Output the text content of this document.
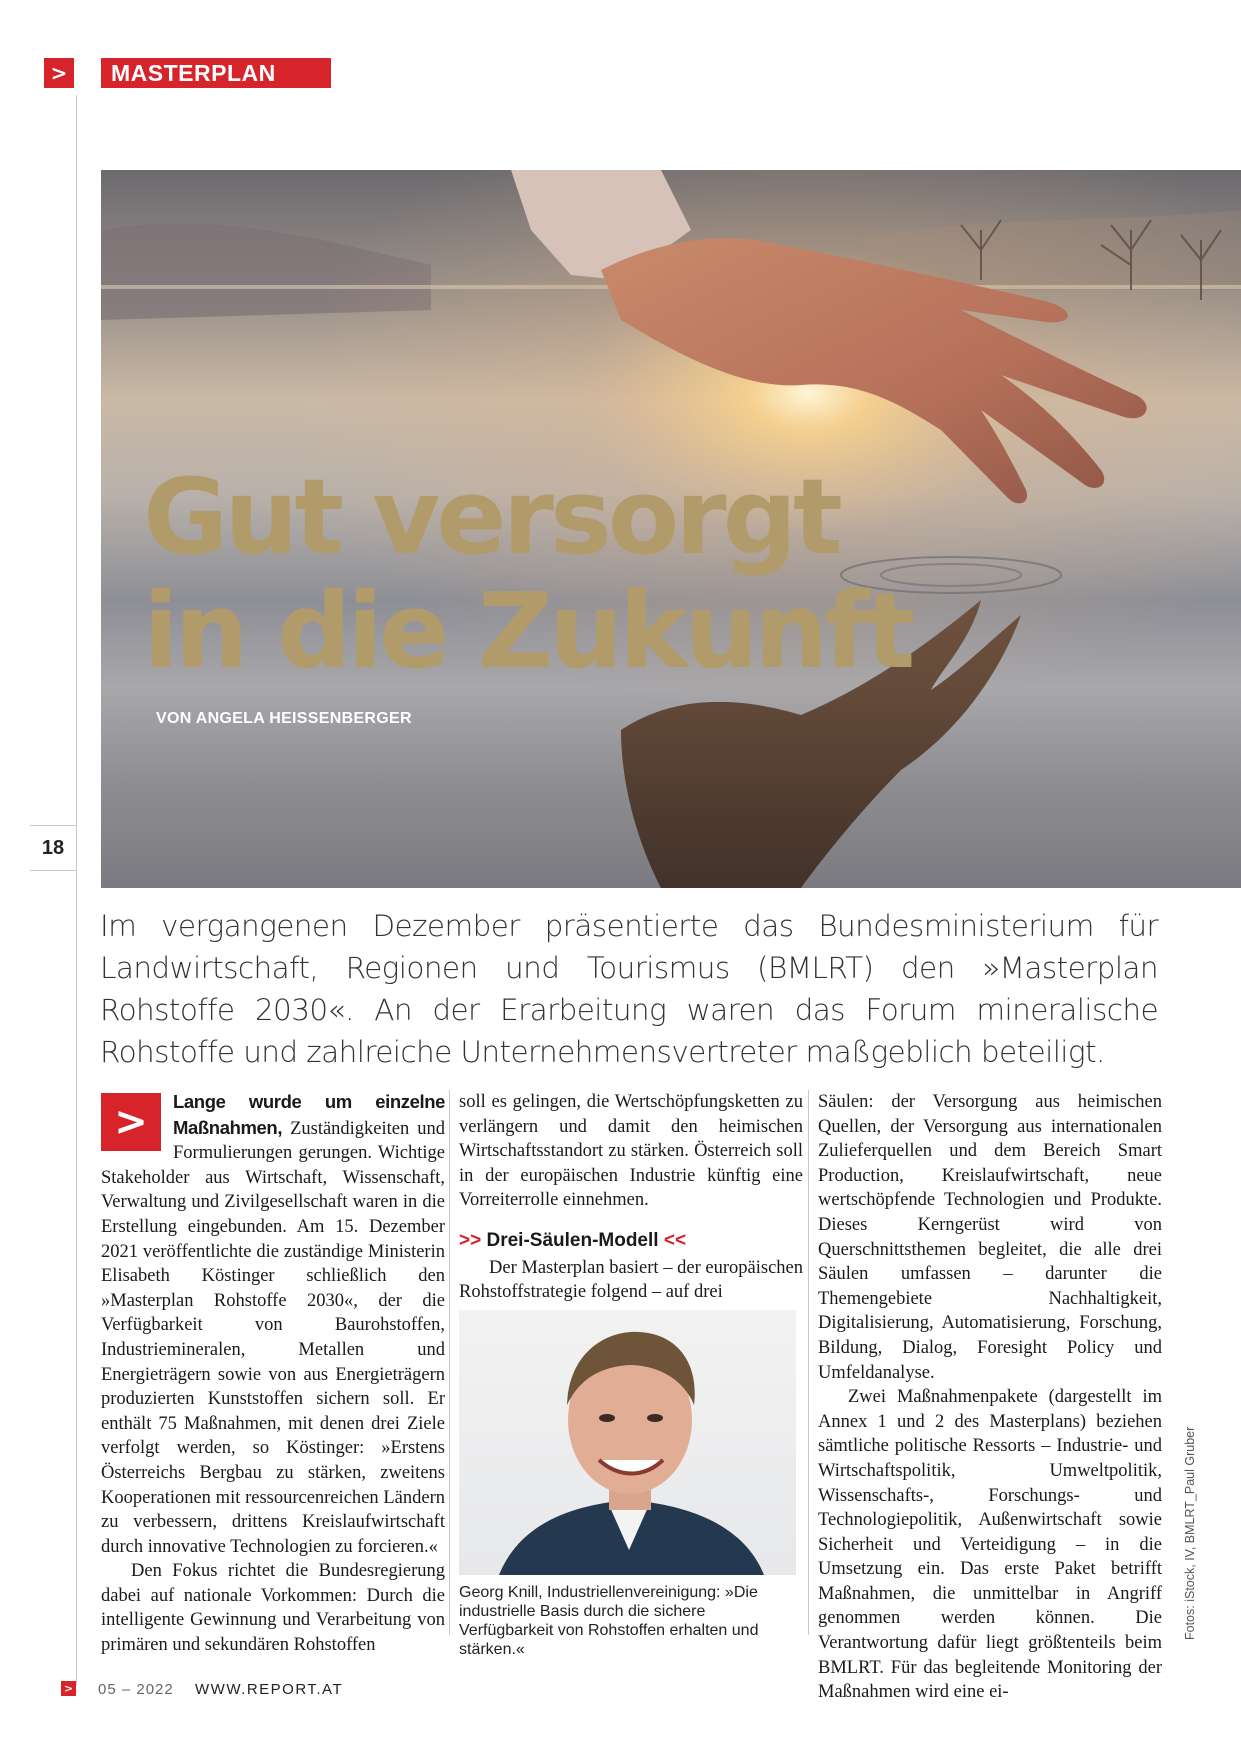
>	MASTERPLAN
18
Gut versorgt
in die Zukunft
VON ANGELA HEISSENBERGER
Im vergangenen Dezember präsentierte das Bundesministerium für Landwirtschaft, Regionen und Tourismus (BMLRT) den »Masterplan Rohstoffe 2030«. An der Erarbeitung waren das Forum mineralische Rohstoffe und zahlreiche Unternehmensvertreter maßgeblich beteiligt.

>	Lange wurde um einzelne Maßnahmen, Zuständigkeiten und Formulierungen gerungen. Wichtige Stakeholder aus Wirtschaft, Wissenschaft, Verwaltung und Zivilgesellschaft waren in die Erstellung eingebunden. Am 15. Dezember 2021 veröffentlichte die zuständige Ministerin Elisabeth Köstinger schließlich den »Masterplan Rohstoffe 2030«, der die Verfügbarkeit von Baurohstoffen, Industriemineralen, Metallen und Energieträgern sowie von aus Energieträgern produzierten Kunststoffen sichern soll. Er enthält 75 Maßnahmen, mit denen drei Ziele verfolgt werden, so Köstinger: »Erstens Österreichs Bergbau zu stärken, zweitens Kooperationen mit ressourcenreichen Ländern zu verbessern, drittens Kreislaufwirtschaft durch innovative Technologien zu forcieren.«

Den Fokus richtet die Bundesregierung dabei auf nationale Vorkommen: Durch die intelligente Gewinnung und Verarbeitung von primären und sekundären Rohstoffen

soll es gelingen, die Wertschöpfungsketten zu verlängern und damit den heimischen Wirtschaftsstandort zu stärken. Österreich soll in der europäischen Industrie künftig eine Vorreiterrolle einnehmen.

>> Drei-Säulen-Modell <<

Der Masterplan basiert – der europäischen Rohstoffstrategie folgend – auf drei

Georg Knill, Industriellenvereinigung: »Die industrielle Basis durch die sichere Verfügbarkeit von Rohstoffen erhalten und stärken.«

Säulen: der Versorgung aus heimischen Quellen, der Versorgung aus internationalen Zulieferquellen und dem Bereich Smart Production, Kreislaufwirtschaft, neue wertschöpfende Technologien und Produkte. Dieses Kerngerüst wird von Querschnittsthemen begleitet, die alle drei Säulen umfassen – darunter die Themengebiete Nachhaltigkeit, Digitalisierung, Automatisierung, Forschung, Bildung, Dialog, Foresight Policy und Umfeldanalyse.

Zwei Maßnahmenpakete (dargestellt im Annex 1 und 2 des Masterplans) beziehen sämtliche politische Ressorts – Industrie- und Wirtschaftspolitik, Umweltpolitik, Wissenschafts-, Forschungs- und Technologiepolitik, Außenwirtschaft sowie Sicherheit und Verteidigung – in die Umsetzung ein. Das erste Paket betrifft Maßnahmen, die unmittelbar in Angriff genommen werden können. Die Verantwortung dafür liegt größtenteils beim BMLRT. Für das begleitende Monitoring der Maßnahmen wird eine ei-

Fotos: iStock, IV, BMLRT_Paul Gruber
> 05 – 2022 WWW.REPORT.AT
